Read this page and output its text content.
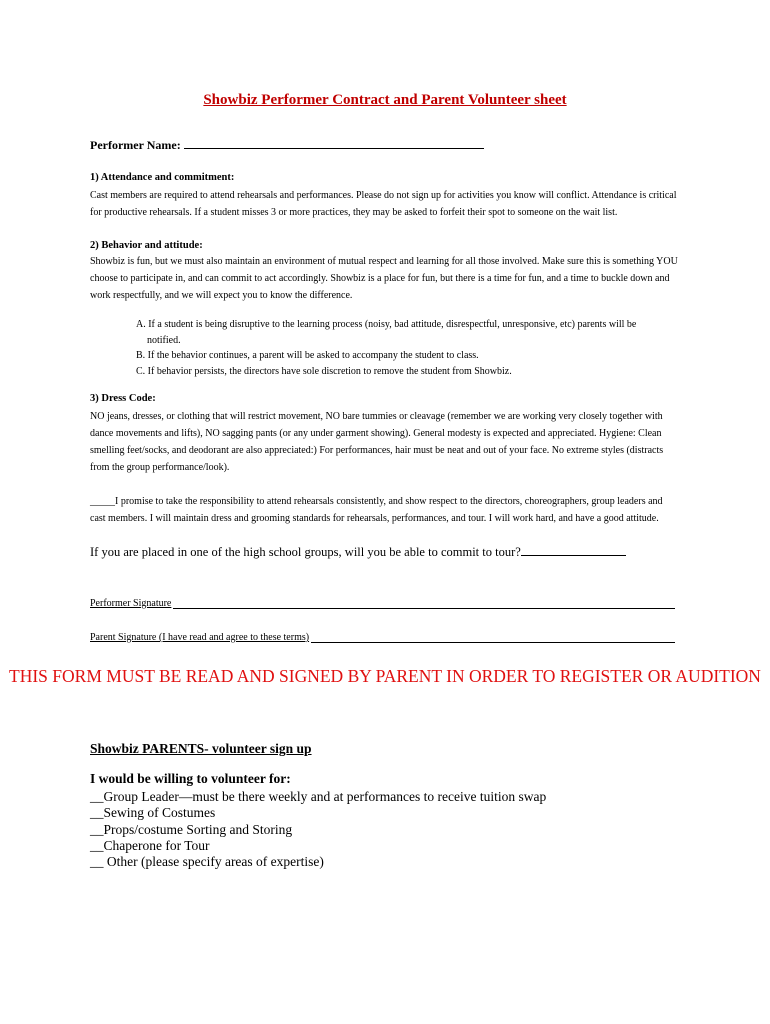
Showbiz Performer Contract and Parent Volunteer sheet
Performer Name:
1) Attendance and commitment:
Cast members are required to attend rehearsals and performances. Please do not sign up for activities you know will conflict. Attendance is critical for productive rehearsals. If a student misses 3 or more practices, they may be asked to forfeit their spot to someone on the wait list.
2) Behavior and attitude:
Showbiz is fun, but we must also maintain an environment of mutual respect and learning for all those involved. Make sure this is something YOU choose to participate in, and can commit to act accordingly. Showbiz is a place for fun, but there is a time for fun, and a time to buckle down and work respectfully, and we will expect you to know the difference.
A. If a student is being disruptive to the learning process (noisy, bad attitude, disrespectful, unresponsive, etc) parents will be notified.
B. If the behavior continues, a parent will be asked to accompany the student to class.
C. If behavior persists, the directors have sole discretion to remove the student from Showbiz.
3) Dress Code:
NO jeans, dresses, or clothing that will restrict movement, NO bare tummies or cleavage (remember we are working very closely together with dance movements and lifts), NO sagging pants (or any under garment showing). General modesty is expected and appreciated. Hygiene: Clean smelling feet/socks, and deodorant are also appreciated:) For performances, hair must be neat and out of your face. No extreme styles (distracts from the group performance/look).
_____I promise to take the responsibility to attend rehearsals consistently, and show respect to the directors, choreographers, group leaders and cast members. I will maintain dress and grooming standards for rehearsals, performances, and tour. I will work hard, and have a good attitude.
If you are placed in one of the high school groups, will you be able to commit to tour?
Performer Signature
Parent Signature (I have read and agree to these terms)
THIS FORM MUST BE READ AND SIGNED BY PARENT IN ORDER TO REGISTER OR AUDITION
Showbiz PARENTS- volunteer sign up
I would be willing to volunteer for:
__Group Leader—must be there weekly and at performances to receive tuition swap
__Sewing of Costumes
__Props/costume Sorting and Storing
__Chaperone for Tour
__ Other (please specify areas of expertise)
